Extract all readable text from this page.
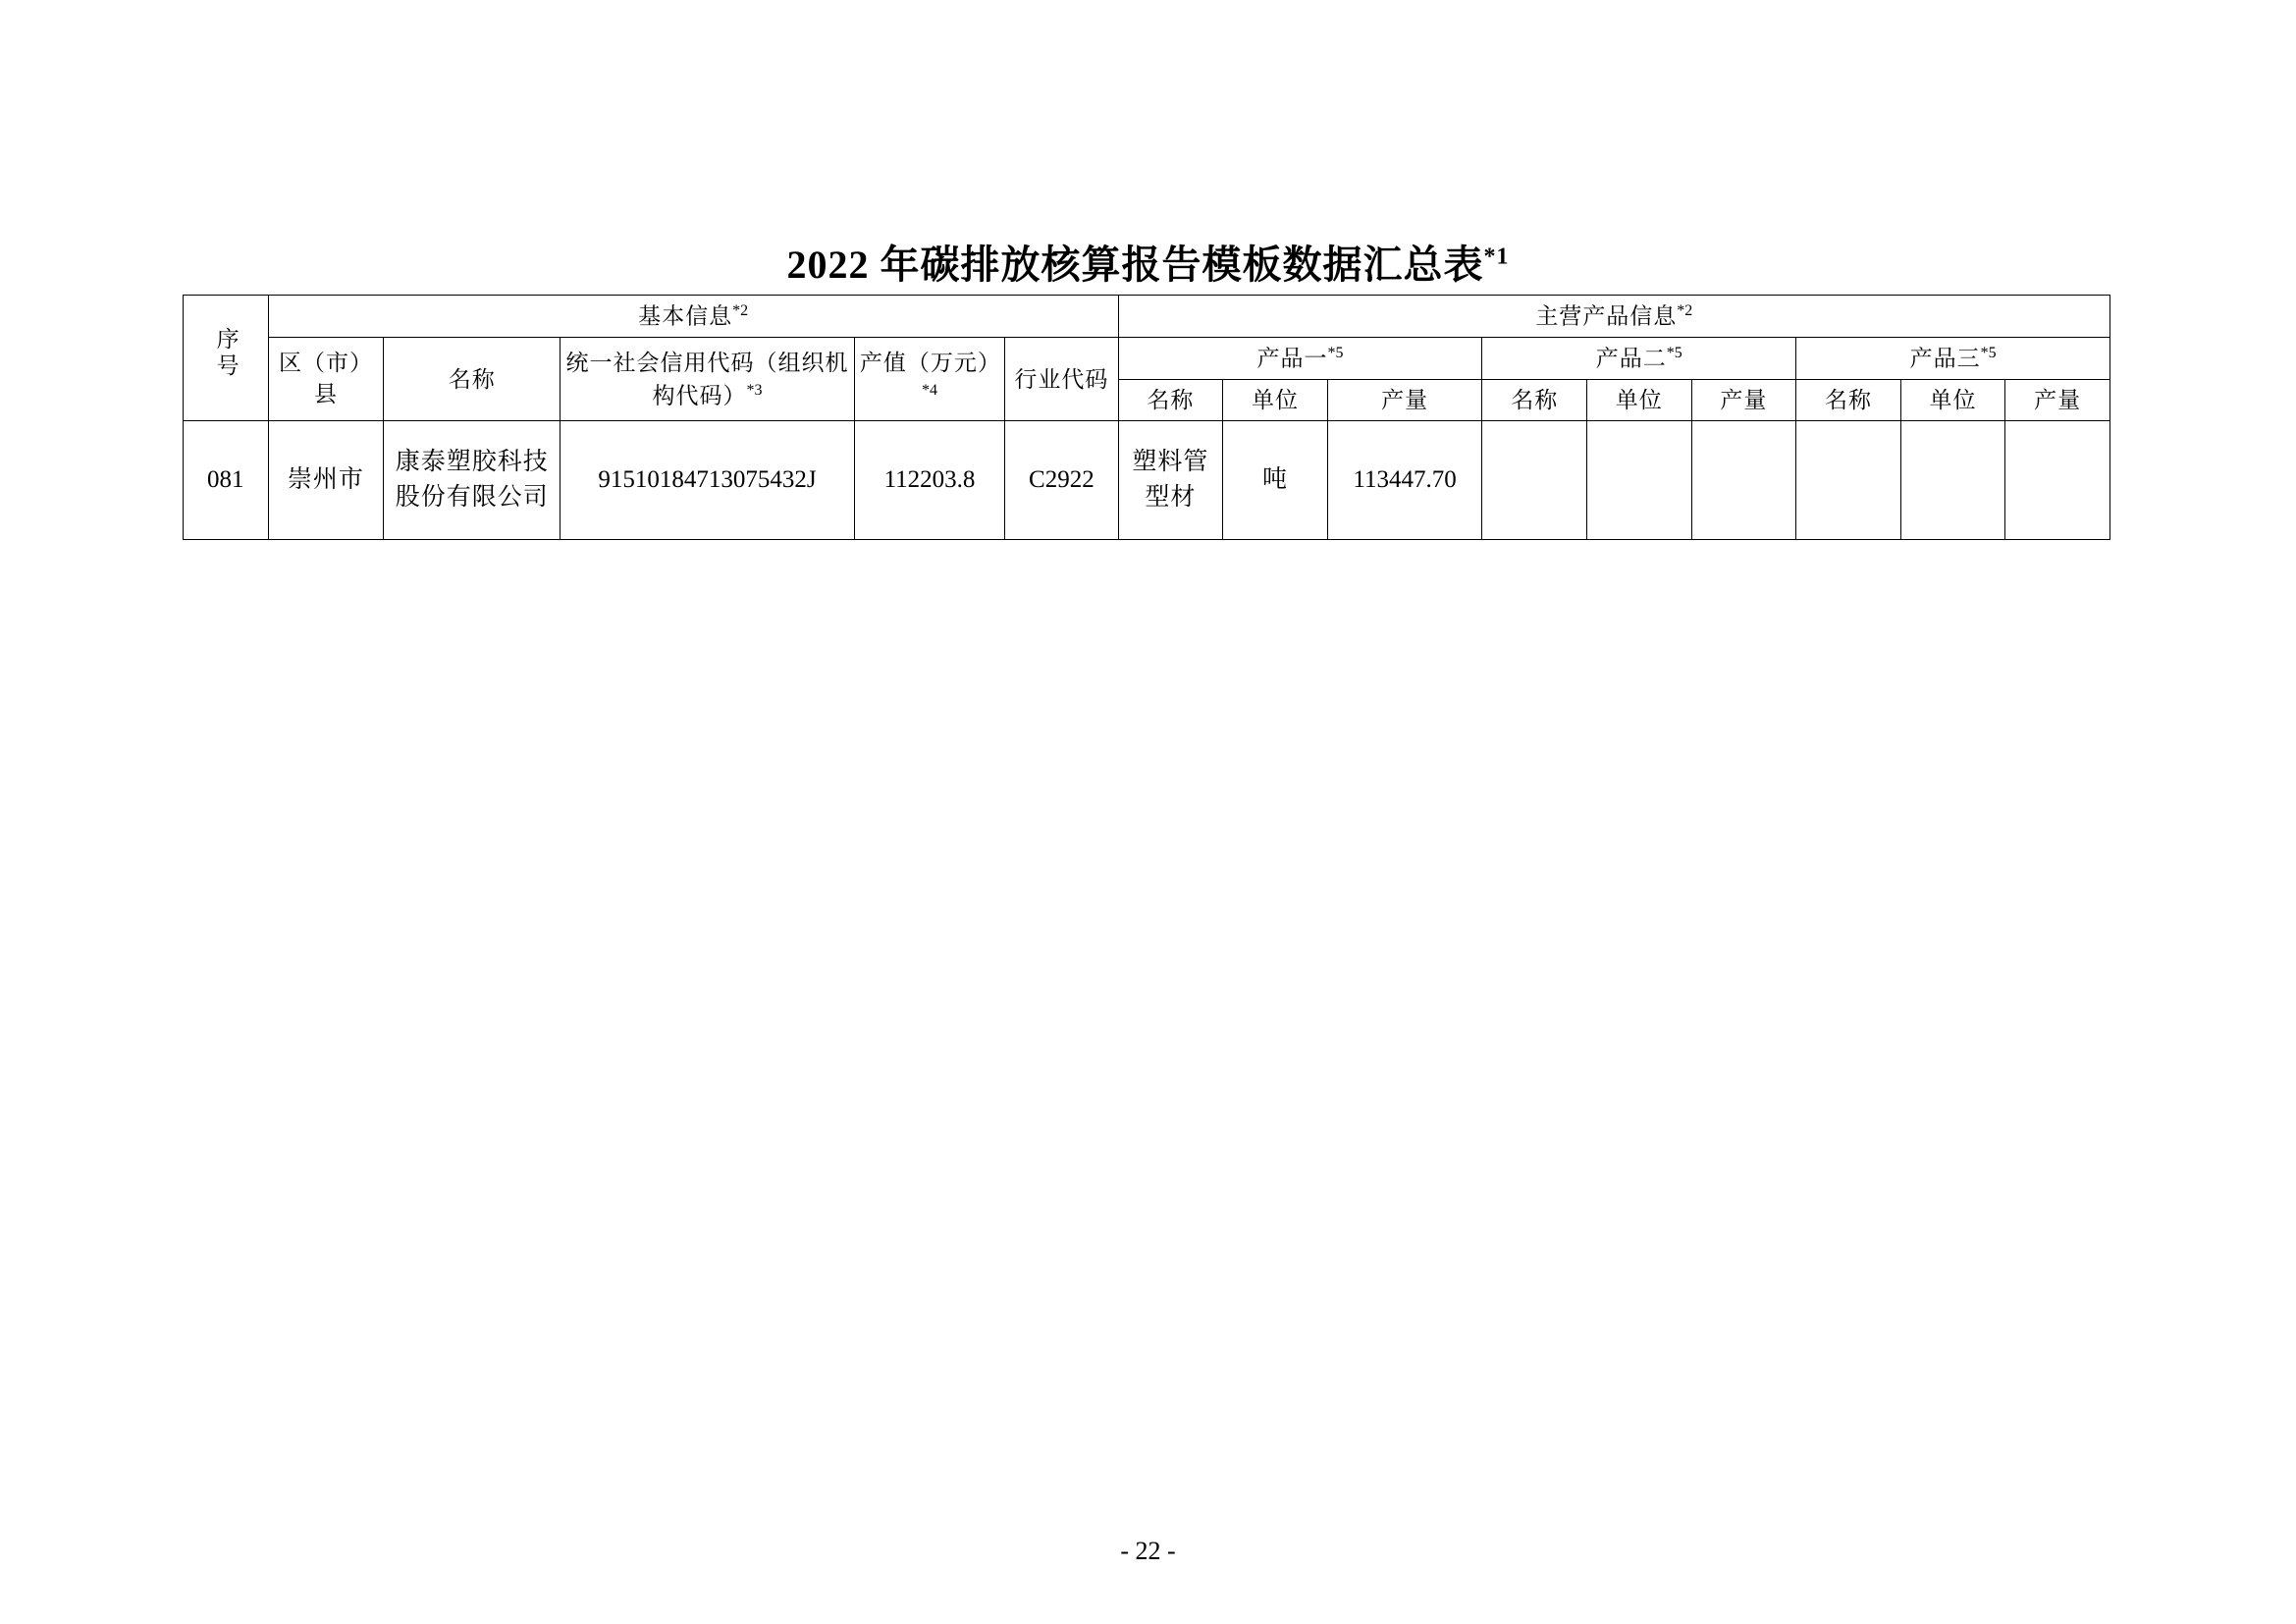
2022 年碳排放核算报告模板数据汇总表$^{*1}$
序号	基本信息$^{*2}$					主营产品信息$^{*2}$
	区（市）县	名称	统一社会信用代码（组织机构代码）$^{*3}$	产值（万元）$^{*4}$	行业代码	产品一$^{*5}$			产品二$^{*5}$			产品三$^{*5}$
						名称	单位	产量	名称	单位	产量	名称	单位	产量
081	崇州市	康泰塑胶科技股份有限公司	91510184713075432J	112203.8	C2922	塑料管型材	吨	113447.70						
- 22 -
